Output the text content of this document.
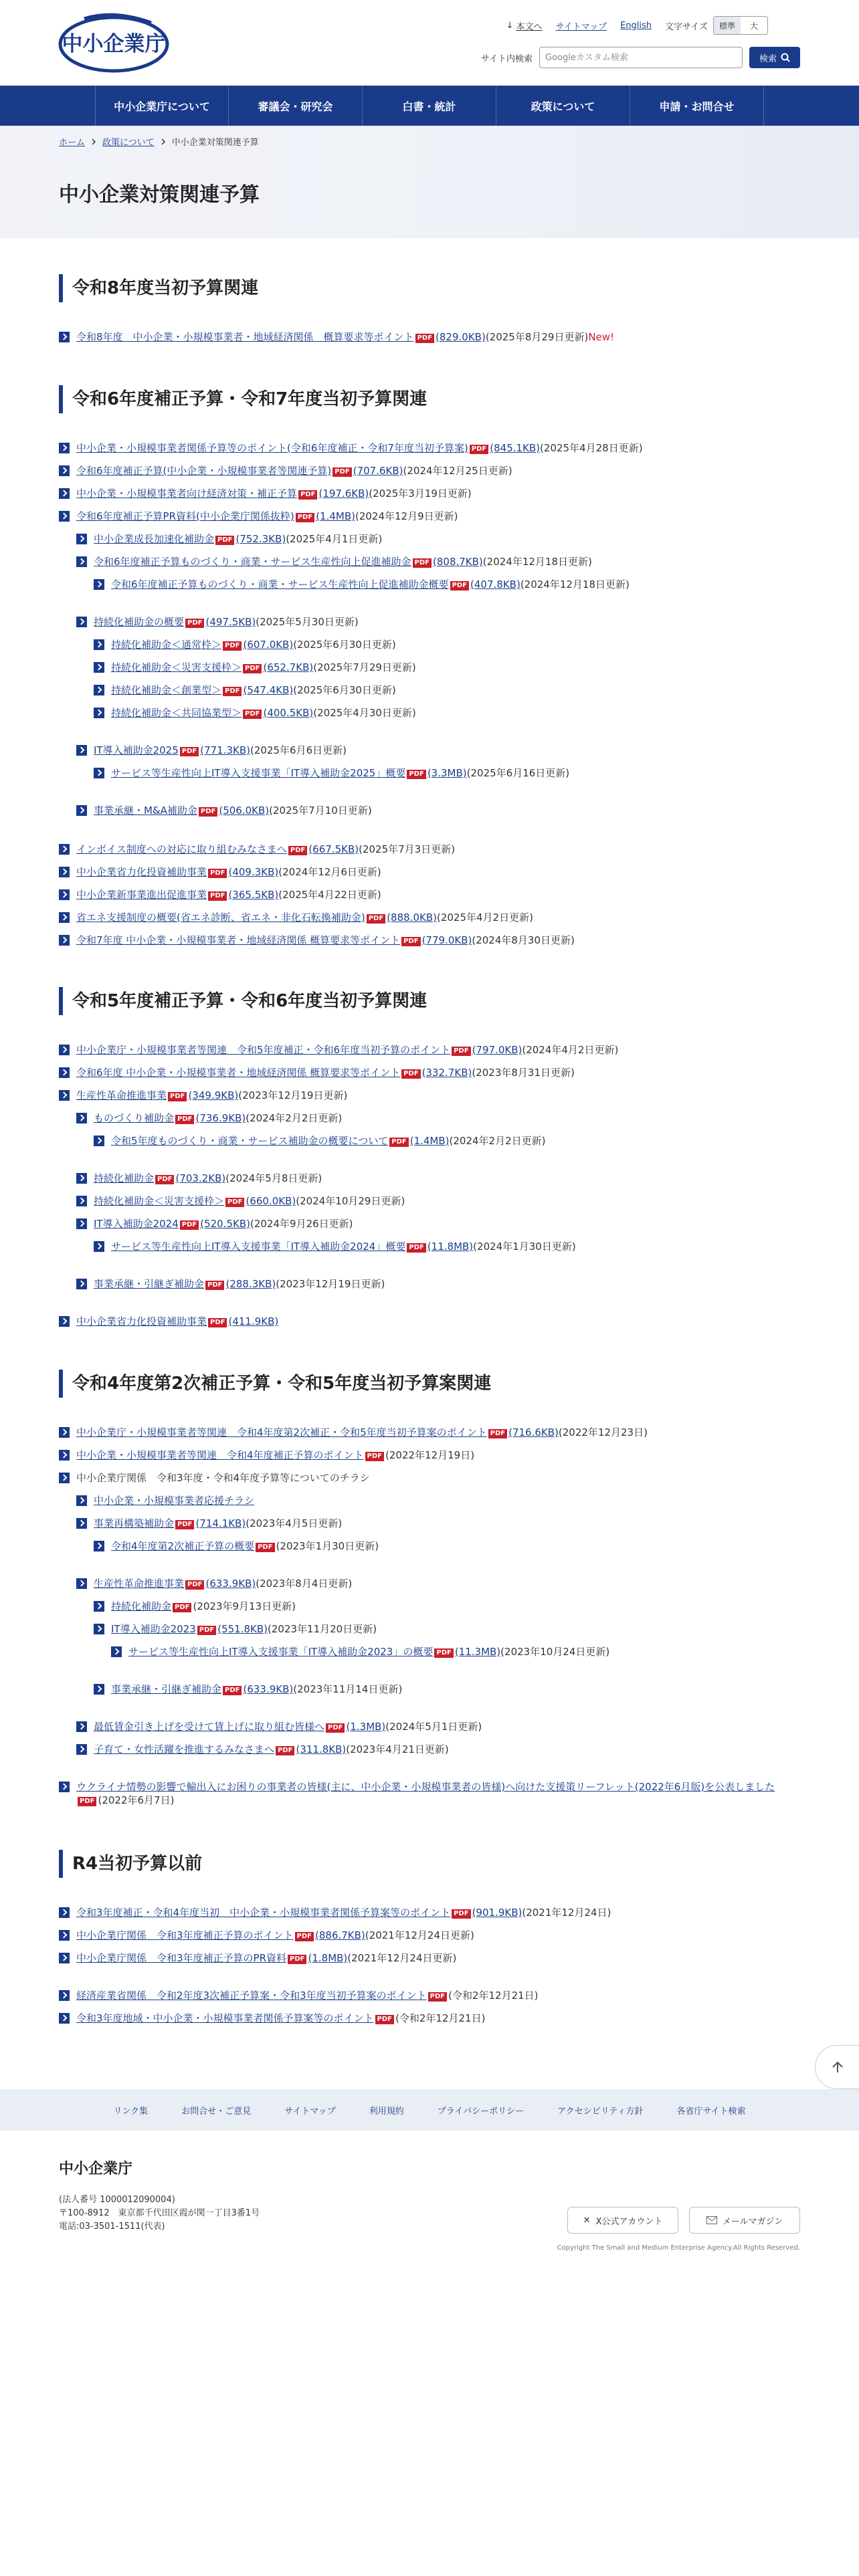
中小企業庁
↓ 本文へ サイトマップ English 文字サイズ	標準	大
サイト内検索
Googleカスタム検索	検索
中小企業庁について	審議会・研究会	白書・統計	政策について	申請・お問合せ
ホーム 政策について 中小企業対策関連予算
中小企業対策関連予算
令和8年度当初予算関連
令和8年度　中小企業・小規模事業者・地域経済関係　概算要求等ポイント PDF (829.0KB) (2025年8月29日更新) New!
令和6年度補正予算・令和7年度当初予算関連
中小企業・小規模事業者関係予算等のポイント(令和6年度補正・令和7年度当初予算案) PDF (845.1KB) (2025年4月28日更新)
令和6年度補正予算(中小企業・小規模事業者等関連予算) PDF (707.6KB) (2024年12月25日更新)
中小企業・小規模事業者向け経済対策・補正予算 PDF (197.6KB) (2025年3月19日更新)
令和6年度補正予算PR資料(中小企業庁関係抜粋) PDF (1.4MB) (2024年12月9日更新)
中小企業成長加速化補助金 PDF (752.3KB) (2025年4月1日更新)
令和6年度補正予算ものづくり・商業・サービス生産性向上促進補助金 PDF (808.7KB) (2024年12月18日更新)
令和6年度補正予算ものづくり・商業・サービス生産性向上促進補助金概要 PDF (407.8KB) (2024年12月18日更新)
持続化補助金の概要 PDF (497.5KB) (2025年5月30日更新)
持続化補助金＜通常枠＞ PDF (607.0KB) (2025年6月30日更新)
持続化補助金＜災害支援枠＞ PDF (652.7KB) (2025年7月29日更新)
持続化補助金＜創業型＞ PDF (547.4KB) (2025年6月30日更新)
持続化補助金＜共同協業型＞ PDF (400.5KB) (2025年4月30日更新)
IT導入補助金2025 PDF (771.3KB) (2025年6月6日更新)
サービス等生産性向上IT導入支援事業「IT導入補助金2025」概要 PDF (3.3MB) (2025年6月16日更新)
事業承継・M&A補助金 PDF (506.0KB) (2025年7月10日更新)
インボイス制度への対応に取り組むみなさまへ PDF (667.5KB) (2025年7月3日更新)
中小企業省力化投資補助事業 PDF (409.3KB) (2024年12月6日更新)
中小企業新事業進出促進事業 PDF (365.5KB) (2025年4月22日更新)
省エネ支援制度の概要(省エネ診断、省エネ・非化石転換補助金) PDF (888.0KB) (2025年4月2日更新)
令和7年度 中小企業・小規模事業者・地域経済関係 概算要求等ポイント PDF (779.0KB) (2024年8月30日更新)
令和5年度補正予算・令和6年度当初予算関連
中小企業庁・小規模事業者等関連　令和5年度補正・令和6年度当初予算のポイント PDF (797.0KB) (2024年4月2日更新)
令和6年度 中小企業・小規模事業者・地域経済関係 概算要求等ポイント PDF (332.7KB) (2023年8月31日更新)
生産性革命推進事業 PDF (349.9KB) (2023年12月19日更新)
ものづくり補助金 PDF (736.9KB) (2024年2月2日更新)
令和5年度ものづくり・商業・サービス補助金の概要について PDF (1.4MB) (2024年2月2日更新)
持続化補助金 PDF (703.2KB) (2024年5月8日更新)
持続化補助金＜災害支援枠＞ PDF (660.0KB) (2024年10月29日更新)
IT導入補助金2024 PDF (520.5KB) (2024年9月26日更新)
サービス等生産性向上IT導入支援事業「IT導入補助金2024」概要 PDF (11.8MB) (2024年1月30日更新)
事業承継・引継ぎ補助金 PDF (288.3KB) (2023年12月19日更新)
中小企業省力化投資補助事業 PDF (411.9KB)
令和4年度第2次補正予算・令和5年度当初予算案関連
中小企業庁・小規模事業者等関連　令和4年度第2次補正・令和5年度当初予算案のポイント PDF (716.6KB) (2022年12月23日)
中小企業・小規模事業者等関連　令和4年度補正予算のポイント PDF (2022年12月19日)
中小企業庁関係　令和3年度・令和4年度予算等についてのチラシ
中小企業・小規模事業者応援チラシ
事業再構築補助金 PDF (714.1KB) (2023年4月5日更新)
令和4年度第2次補正予算の概要 PDF (2023年1月30日更新)
生産性革命推進事業 PDF (633.9KB) (2023年8月4日更新)
持続化補助金 PDF (2023年9月13日更新)
IT導入補助金2023 PDF (551.8KB) (2023年11月20日更新)
サービス等生産性向上IT導入支援事業「IT導入補助金2023」の概要 PDF (11.3MB) (2023年10月24日更新)
事業承継・引継ぎ補助金 PDF (633.9KB) (2023年11月14日更新)
最低賃金引き上げを受けて賃上げに取り組む皆様へ PDF (1.3MB) (2024年5月1日更新)
子育て・女性活躍を推進するみなさまへ PDF (311.8KB) (2023年4月21日更新)
ウクライナ情勢の影響で輸出入にお困りの事業者の皆様(主に、中小企業・小規模事業者の皆様)へ向けた支援策リーフレット(2022年6月版)を公表しましたPDF (2022年6月7日)
R4当初予算以前
令和3年度補正・令和4年度当初　中小企業・小規模事業者関係予算案等のポイント PDF (901.9KB) (2021年12月24日)
中小企業庁関係　令和3年度補正予算のポイント PDF (886.7KB) (2021年12月24日更新)
中小企業庁関係　令和3年度補正予算のPR資料 PDF (1.8MB) (2021年12月24日更新)
経済産業省関係　令和2年度3次補正予算案・令和3年度当初予算案のポイント PDF (令和2年12月21日)
令和3年度地域・中小企業・小規模事業者関係予算案等のポイント PDF (令和2年12月21日)
リンク集	お問合せ・ご意見	サイトマップ	利用規約	プライバシーポリシー	アクセシビリティ方針	各省庁サイト検索
中小企業庁
(法人番号 1000012090004)
〒100-8912　東京都千代田区霞が関一丁目3番1号
電話:03-3501-1511(代表)
✕ X公式アカウント	メールマガジン
Copyright The Small and Medium Enterprise Agency.All Rights Reserved.
